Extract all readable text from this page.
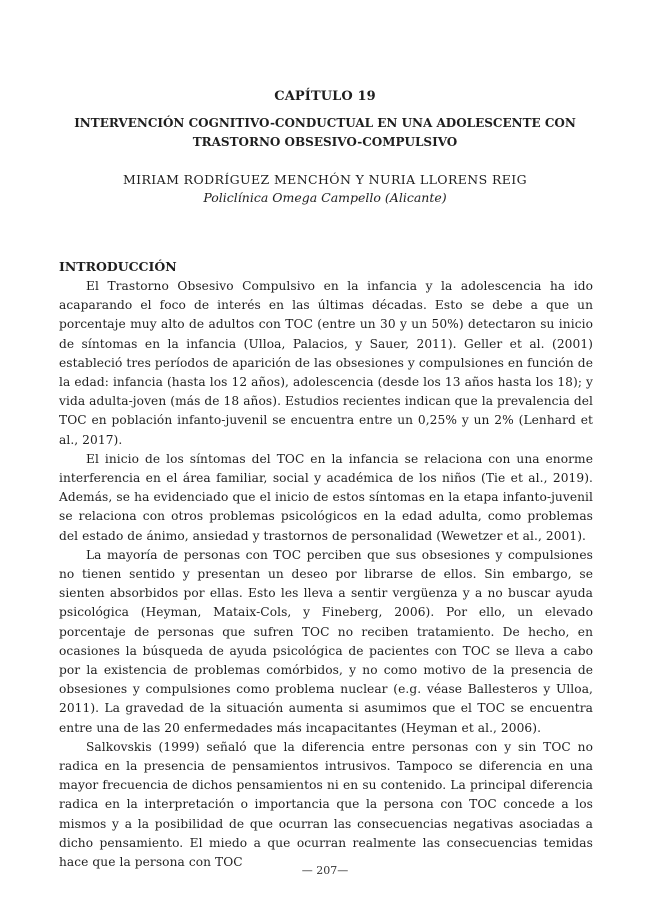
CAPÍTULO 19
INTERVENCIÓN COGNITIVO-CONDUCTUAL EN UNA ADOLESCENTE CON TRASTORNO OBSESIVO-COMPULSIVO
MIRIAM RODRÍGUEZ MENCHÓN Y NURIA LLORENS REIG
Policlínica Omega Campello (Alicante)
INTRODUCCIÓN

El Trastorno Obsesivo Compulsivo en la infancia y la adolescencia ha ido acaparando el foco de interés en las últimas décadas. Esto se debe a que un porcentaje muy alto de adultos con TOC (entre un 30 y un 50%) detectaron su inicio de síntomas en la infancia (Ulloa, Palacios, y Sauer, 2011). Geller et al. (2001) estableció tres períodos de aparición de las obsesiones y compulsiones en función de la edad: infancia (hasta los 12 años), adolescencia (desde los 13 años hasta los 18); y vida adulta-joven (más de 18 años). Estudios recientes indican que la prevalencia del TOC en población infanto-juvenil se encuentra entre un 0,25% y un 2% (Lenhard et al., 2017).

El inicio de los síntomas del TOC en la infancia se relaciona con una enorme interferencia en el área familiar, social y académica de los niños (Tie et al., 2019). Además, se ha evidenciado que el inicio de estos síntomas en la etapa infanto-juvenil se relaciona con otros problemas psicológicos en la edad adulta, como problemas del estado de ánimo, ansiedad y trastornos de personalidad (Wewetzer et al., 2001).

La mayoría de personas con TOC perciben que sus obsesiones y compulsiones no tienen sentido y presentan un deseo por librarse de ellos. Sin embargo, se sienten absorbidos por ellas. Esto les lleva a sentir vergüenza y a no buscar ayuda psicológica (Heyman, Mataix-Cols, y Fineberg, 2006). Por ello, un elevado porcentaje de personas que sufren TOC no reciben tratamiento. De hecho, en ocasiones la búsqueda de ayuda psicológica de pacientes con TOC se lleva a cabo por la existencia de problemas comórbidos, y no como motivo de la presencia de obsesiones y compulsiones como problema nuclear (e.g. véase Ballesteros y Ulloa, 2011). La gravedad de la situación aumenta si asumimos que el TOC se encuentra entre una de las 20 enfermedades más incapacitantes (Heyman et al., 2006).

Salkovskis (1999) señaló que la diferencia entre personas con y sin TOC no radica en la presencia de pensamientos intrusivos. Tampoco se diferencia en una mayor frecuencia de dichos pensamientos ni en su contenido. La principal diferencia radica en la interpretación o importancia que la persona con TOC concede a los mismos y a la posibilidad de que ocurran las consecuencias negativas asociadas a dicho pensamiento. El miedo a que ocurran realmente las consecuencias temidas hace que la persona con TOC

— 207—
